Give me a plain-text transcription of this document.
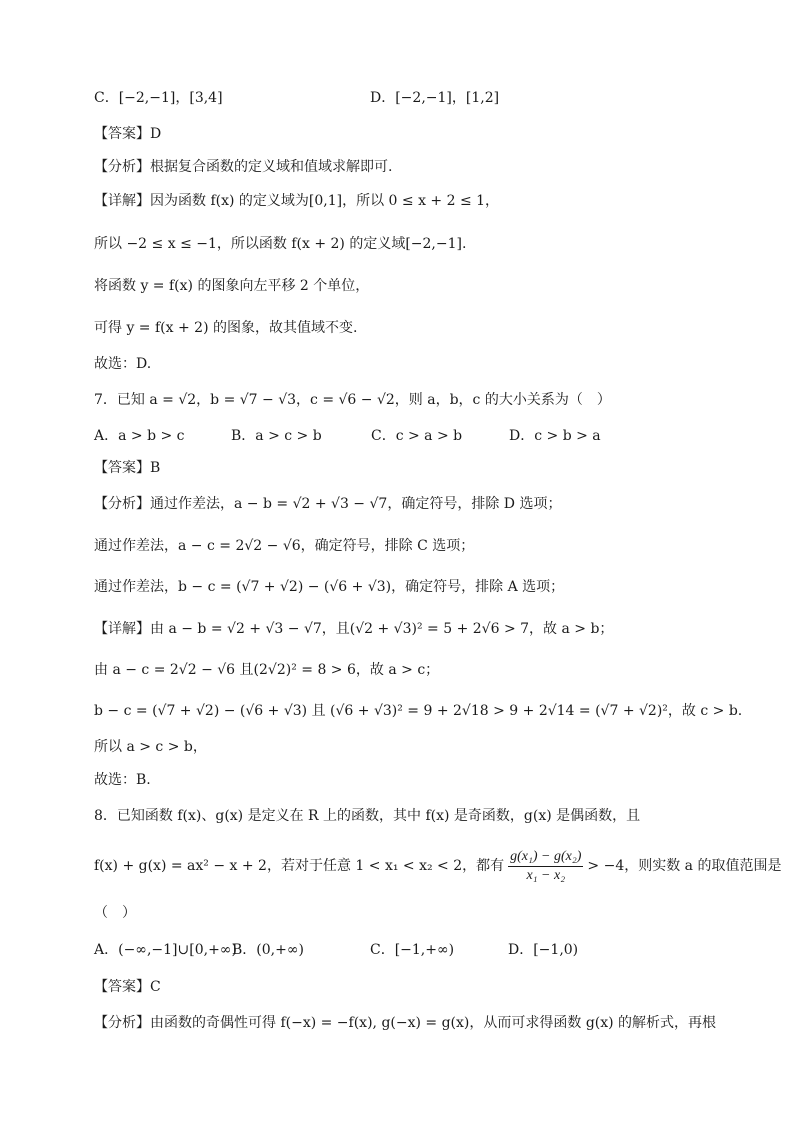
C．[−2,−1]，[3,4]	D．[−2,−1]，[1,2]
【答案】D
【分析】根据复合函数的定义域和值域求解即可.
【详解】因为函数 f(x) 的定义域为[0,1]，所以 0 ≤ x + 2 ≤ 1，
所以 −2 ≤ x ≤ −1，所以函数 f(x + 2) 的定义域[−2,−1].
将函数 y = f(x) 的图象向左平移 2 个单位，
可得 y = f(x + 2) 的图象，故其值域不变.
故选：D.
7．已知 a = √2，b = √7 − √3，c = √6 − √2，则 a，b，c 的大小关系为（　）
A．a > b > c	B．a > c > b	C．c > a > b	D．c > b > a
【答案】B
【分析】通过作差法，a − b = √2 + √3 − √7，确定符号，排除 D 选项；
通过作差法，a − c = 2√2 − √6，确定符号，排除 C 选项；
通过作差法，b − c = (√7 + √2) − (√6 + √3)，确定符号，排除 A 选项；
【详解】由 a − b = √2 + √3 − √7，且(√2 + √3)² = 5 + 2√6 > 7，故 a > b；
由 a − c = 2√2 − √6 且(2√2)² = 8 > 6，故 a > c；
b − c = (√7 + √2) − (√6 + √3) 且 (√6 + √3)² = 9 + 2√18 > 9 + 2√14 = (√7 + √2)²，故 c > b.
所以 a > c > b，
故选：B.
8．已知函数 f(x)、g(x) 是定义在 R 上的函数，其中 f(x) 是奇函数，g(x) 是偶函数，且
f(x) + g(x) = ax² − x + 2，若对于任意 1 < x₁ < x₂ < 2，都有 $\frac{\text{g(x₁) − g(x₂)}}{\text{x₁ − x₂}} > -4$，则实数 a 的取值范围是
（　）
A．(−∞,−1]∪[0,+∞)
B．(0,+∞)	C．[−1,+∞)	D．[−1,0)
【答案】C
【分析】由函数的奇偶性可得 f(−x) = −f(x), g(−x) = g(x)，从而可求得函数 g(x) 的解析式，再根
